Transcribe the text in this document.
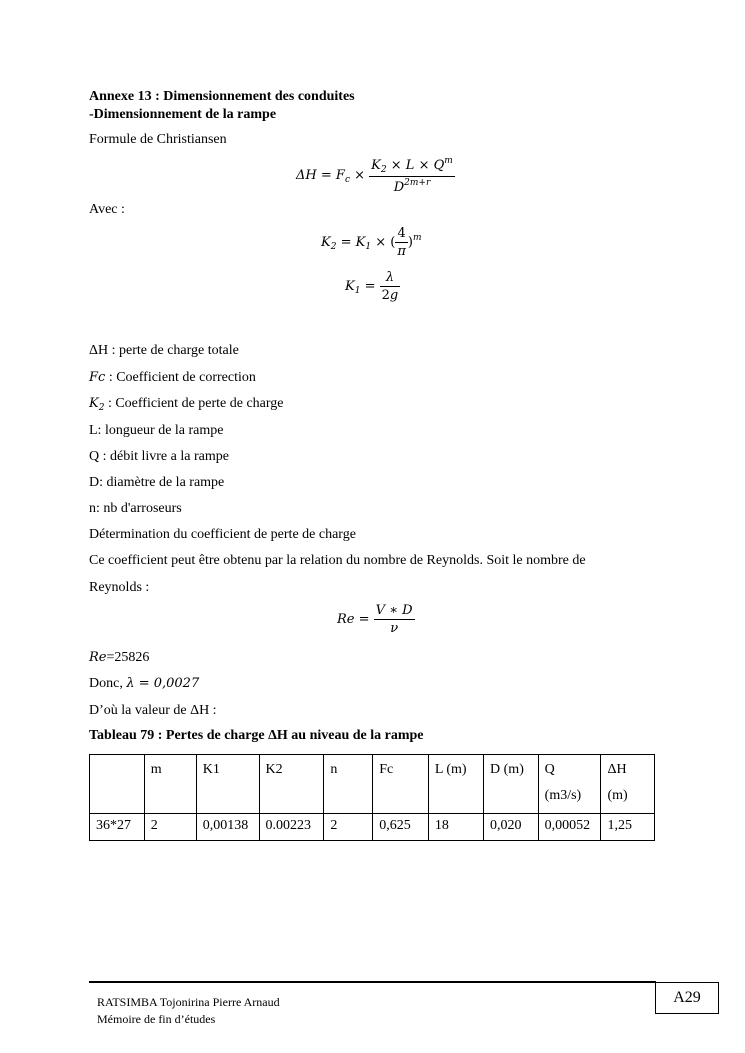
Annexe 13 : Dimensionnement des conduites
-Dimensionnement de la rampe
Formule de Christiansen
$\Delta H = F_c \times \frac{K_2 \times L \times Q^m}{D^{2m+r}}$
Avec :
$K_2 = K_1$ × ( $\frac{4}{\pi} )^m$
$K_1 = \frac{\lambda}{2g}$
ΔH : perte de charge totale
Fc : Coefficient de correction
$K_2$ : Coefficient de perte de charge
L: longueur de la rampe
Q : débit livre a la rampe
D: diamètre de la rampe
n: nb d'arroseurs
Détermination du coefficient de perte de charge
Ce coefficient peut être obtenu par la relation du nombre de Reynolds. Soit le nombre de
Reynolds :
$Re = \frac{V ∗ D}{\nu}$
Re=25826
Donc, λ = 0,0027
D’où la valeur de ΔH :
Tableau 79 : Pertes de charge ΔH au niveau de la rampe
	m	K1	K2	n	Fc	L (m)	D (m)	Q (m3/s)	ΔH (m)
36*27	2	0,00138	0.00223	2	0,625	18	0,020	0,00052	1,25
RATSIMBA Tojonirina Pierre Arnaud
Mémoire de fin d’études
A29
